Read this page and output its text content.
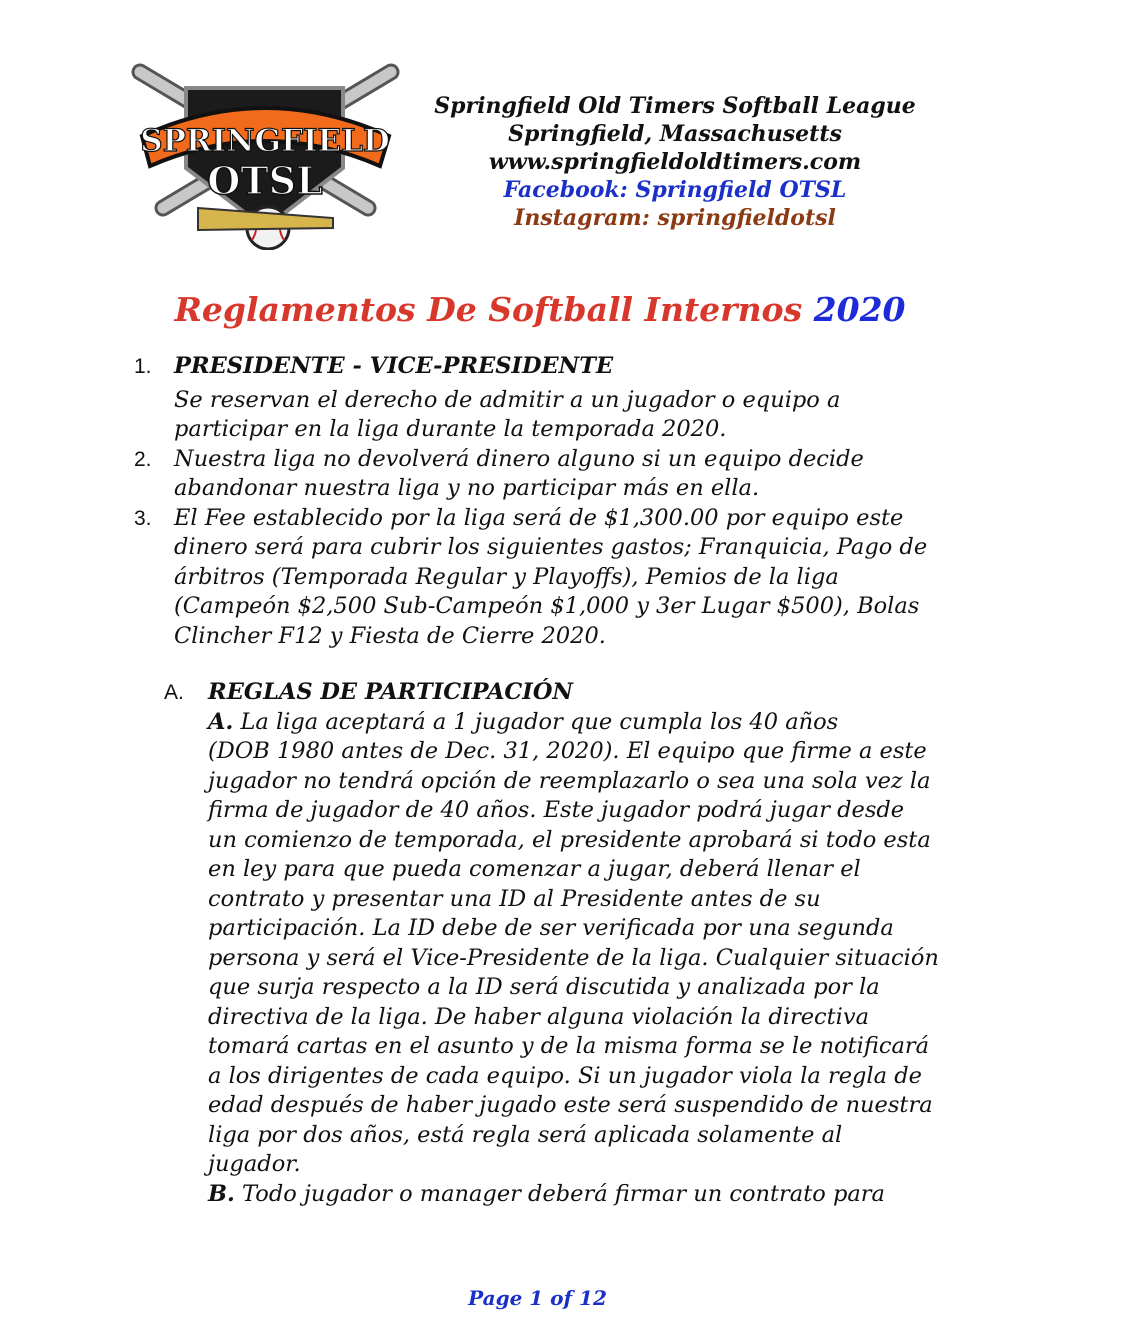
SPRINGFIELD
OTSL
Springfield Old Timers Softball League
Springfield, Massachusetts
www.springfieldoldtimers.com
Facebook: Springfield OTSL
Instagram: springfieldotsl
Reglamentos De Softball Internos 2020
1. PRESIDENTE - VICE-PRESIDENTE
Se reservan el derecho de admitir a un jugador o equipo a participar en la liga durante la temporada 2020.
2. Nuestra liga no devolverá dinero alguno si un equipo decide abandonar nuestra liga y no participar más en ella.
3. El Fee establecido por la liga será de $1,300.00 por equipo este dinero será para cubrir los siguientes gastos; Franquicia, Pago de árbitros (Temporada Regular y Playoffs), Pemios de la liga (Campeón $2,500 Sub-Campeón $1,000 y 3er Lugar $500), Bolas Clincher F12 y Fiesta de Cierre 2020.
A. REGLAS DE PARTICIPACIÓN
A. La liga aceptará a 1 jugador que cumpla los 40 años
(DOB 1980 antes de Dec. 31, 2020). El equipo que firme a este
jugador no tendrá opción de reemplazarlo o sea una sola vez la
firma de jugador de 40 años. Este jugador podrá jugar desde
un comienzo de temporada, el presidente aprobará si todo esta
en ley para que pueda comenzar a jugar, deberá llenar el
contrato y presentar una ID al Presidente antes de su
participación. La ID debe de ser verificada por una segunda
persona y será el Vice-Presidente de la liga. Cualquier situación
que surja respecto a la ID será discutida y analizada por la
directiva de la liga. De haber alguna violación la directiva
tomará cartas en el asunto y de la misma forma se le notificará
a los dirigentes de cada equipo. Si un jugador viola la regla de
edad después de haber jugado este será suspendido de nuestra
liga por dos años, está regla será aplicada solamente al
jugador.
B. Todo jugador o manager deberá firmar un contrato para
Page 1 of 12
